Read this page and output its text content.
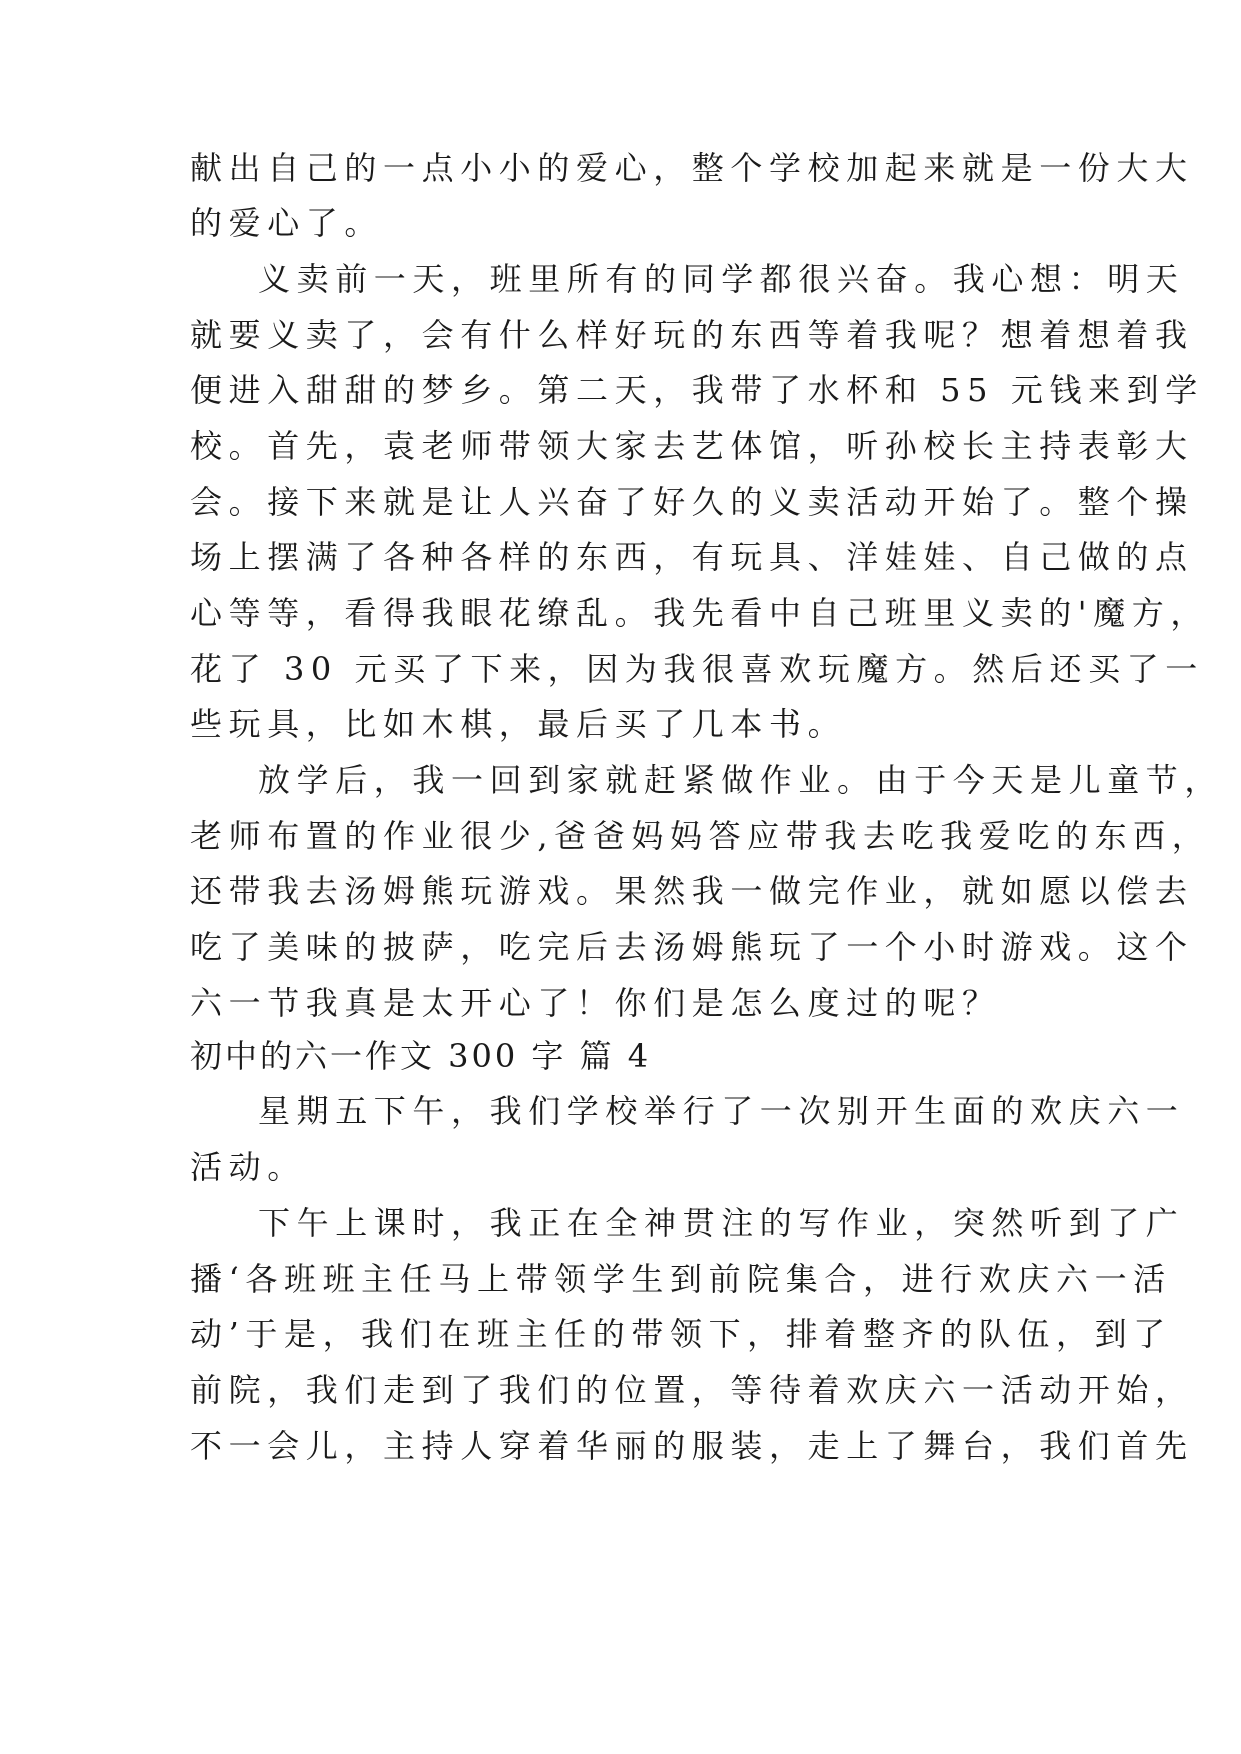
献出自己的一点小小的爱心，整个学校加起来就是一份大大
的爱心了。
义卖前一天，班里所有的同学都很兴奋。我心想：明天
就要义卖了，会有什么样好玩的东西等着我呢？想着想着我
便进入甜甜的梦乡。第二天，我带了水杯和 55 元钱来到学
校。首先，袁老师带领大家去艺体馆，听孙校长主持表彰大
会。接下来就是让人兴奋了好久的义卖活动开始了。整个操
场上摆满了各种各样的东西，有玩具、洋娃娃、自己做的点
心等等，看得我眼花缭乱。我先看中自己班里义卖的'魔方，
花了 30 元买了下来，因为我很喜欢玩魔方。然后还买了一
些玩具，比如木棋，最后买了几本书。
放学后，我一回到家就赶紧做作业。由于今天是儿童节，
老师布置的作业很少,爸爸妈妈答应带我去吃我爱吃的东西，
还带我去汤姆熊玩游戏。果然我一做完作业，就如愿以偿去
吃了美味的披萨，吃完后去汤姆熊玩了一个小时游戏。这个
六一节我真是太开心了！你们是怎么度过的呢？
初中的六一作文 300 字 篇 4
星期五下午，我们学校举行了一次别开生面的欢庆六一
活动。
下午上课时，我正在全神贯注的写作业，突然听到了广
播‘各班班主任马上带领学生到前院集合，进行欢庆六一活
动’于是，我们在班主任的带领下，排着整齐的队伍，到了
前院，我们走到了我们的位置，等待着欢庆六一活动开始，
不一会儿，主持人穿着华丽的服装，走上了舞台，我们首先
